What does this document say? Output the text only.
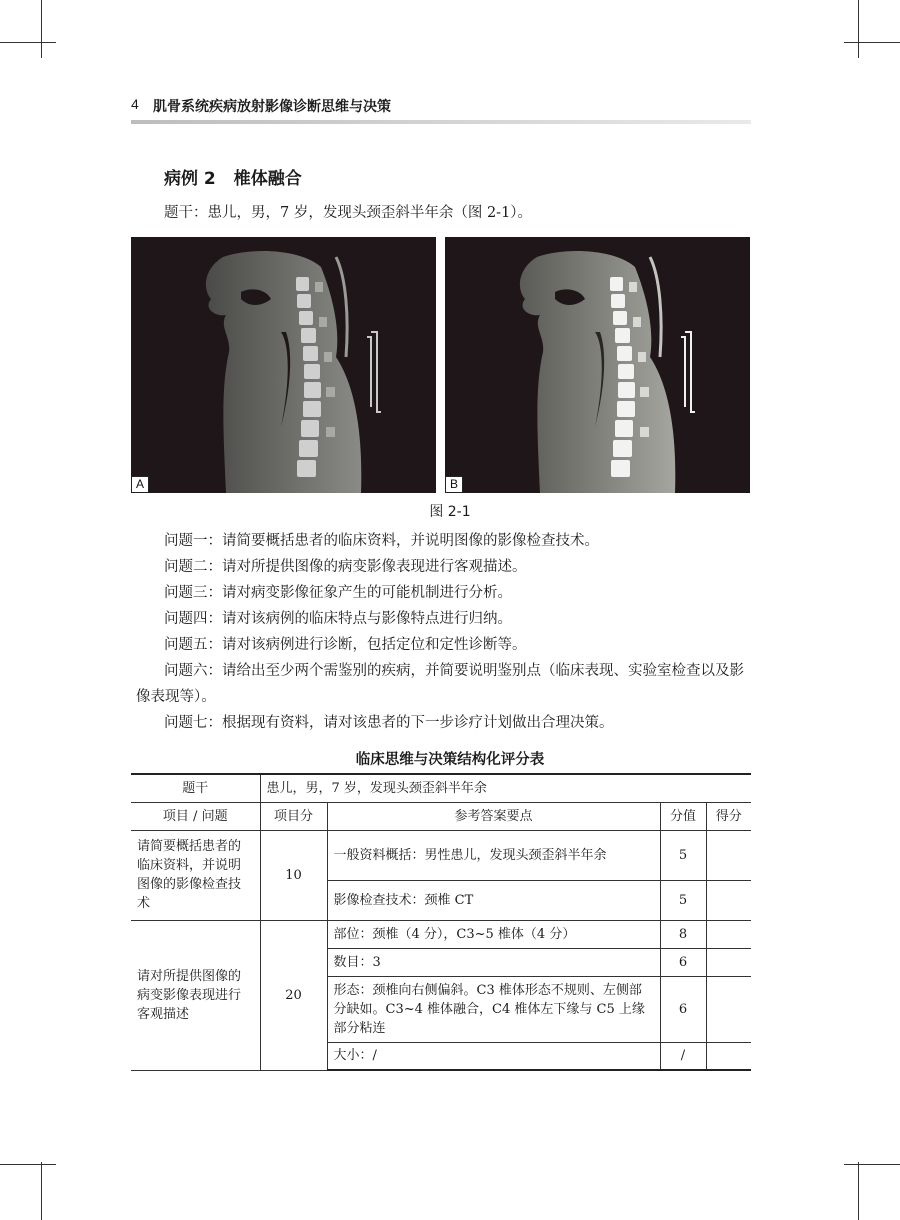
4 肌骨系统疾病放射影像诊断思维与决策
病例 2 椎体融合
题干：患儿，男，7 岁，发现头颈歪斜半年余（图 2-1）。
A	B
图 2-1
问题一：请简要概括患者的临床资料，并说明图像的影像检查技术。
问题二：请对所提供图像的病变影像表现进行客观描述。
问题三：请对病变影像征象产生的可能机制进行分析。
问题四：请对该病例的临床特点与影像特点进行归纳。
问题五：请对该病例进行诊断，包括定位和定性诊断等。
问题六：请给出至少两个需鉴别的疾病，并简要说明鉴别点（临床表现、实验室检查以及影像表现等）。
问题七：根据现有资料，请对该患者的下一步诊疗计划做出合理决策。
临床思维与决策结构化评分表
题干	患儿，男，7 岁，发现头颈歪斜半年余			
项目 / 问题	项目分	参考答案要点	分值	得分
请简要概括患者的临床资料，并说明图像的影像检查技术	10	一般资料概括：男性患儿，发现头颈歪斜半年余	5	
		影像检查技术：颈椎 CT	5	
请对所提供图像的病变影像表现进行客观描述	20	部位：颈椎（4 分），C3~5 椎体（4 分）	8	
		数目：3	6	
		形态：颈椎向右侧偏斜。C3 椎体形态不规则、左侧部分缺如。C3~4 椎体融合，C4 椎体左下缘与 C5 上缘部分粘连	6	
		大小：/	/	
